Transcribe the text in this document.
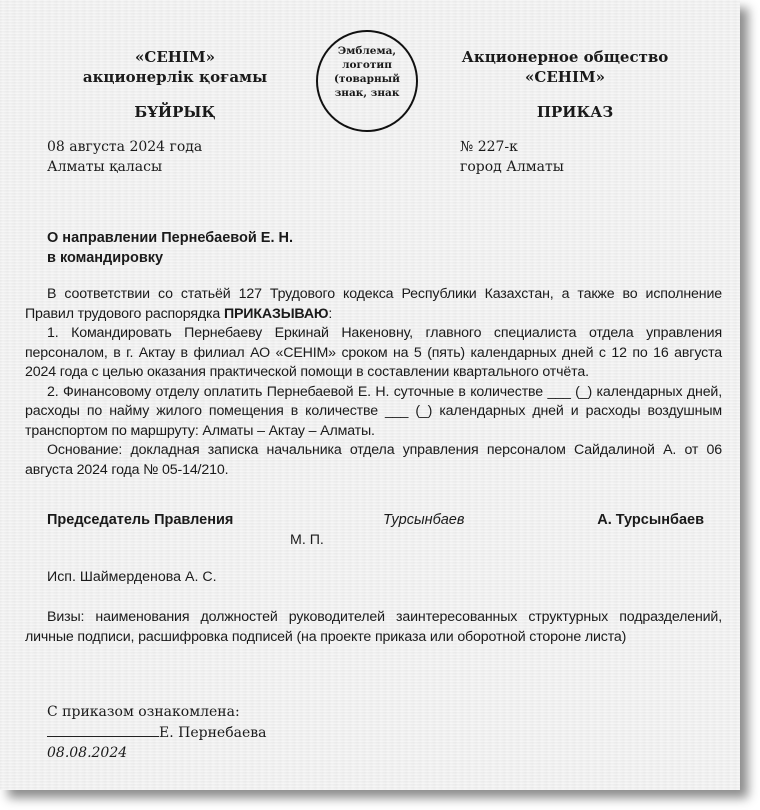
«СЕНІМ»
акционерлік қоғамы
БҰЙРЫҚ
08 августа 2024 года
Алматы қаласы
Эмблема,
логотип
(товарный
знак, знак
Акционерное общество
«СЕНІМ»
ПРИКАЗ
№ 227-к
город Алматы
О направлении Пернебаевой Е. Н.
в командировку

В соответствии со статьёй 127 Трудового кодекса Республики Казахстан, а также во исполнение Правил трудового распорядка ПРИКАЗЫВАЮ:

1. Командировать Пернебаеву Еркинай Накеновну, главного специалиста отдела управления персоналом, в г. Актау в филиал АО «СЕНІМ» сроком на 5 (пять) календарных дней с 12 по 16 августа 2024 года с целью оказания практической помощи в составлении квартального отчёта.

2. Финансовому отделу оплатить Пернебаевой Е. Н. суточные в количестве ___ (_) календарных дней, расходы по найму жилого помещения в количестве ___ (_) календарных дней и расходы воздушным транспортом по маршруту: Алматы – Актау – Алматы.

Основание: докладная записка начальника отдела управления персоналом Сайдалиной А. от 06 августа 2024 года № 05-14/210.

Председатель Правления	Турсынбаев	А. Турсынбаев
М. П.
Исп. Шаймерденова А. С.

Визы: наименования должностей руководителей заинтересованных структурных подразделений, личные подписи, расшифровка подписей (на проекте приказа или оборотной стороне листа)

С приказом ознакомлена:
Е. Пернебаева
08.08.2024
